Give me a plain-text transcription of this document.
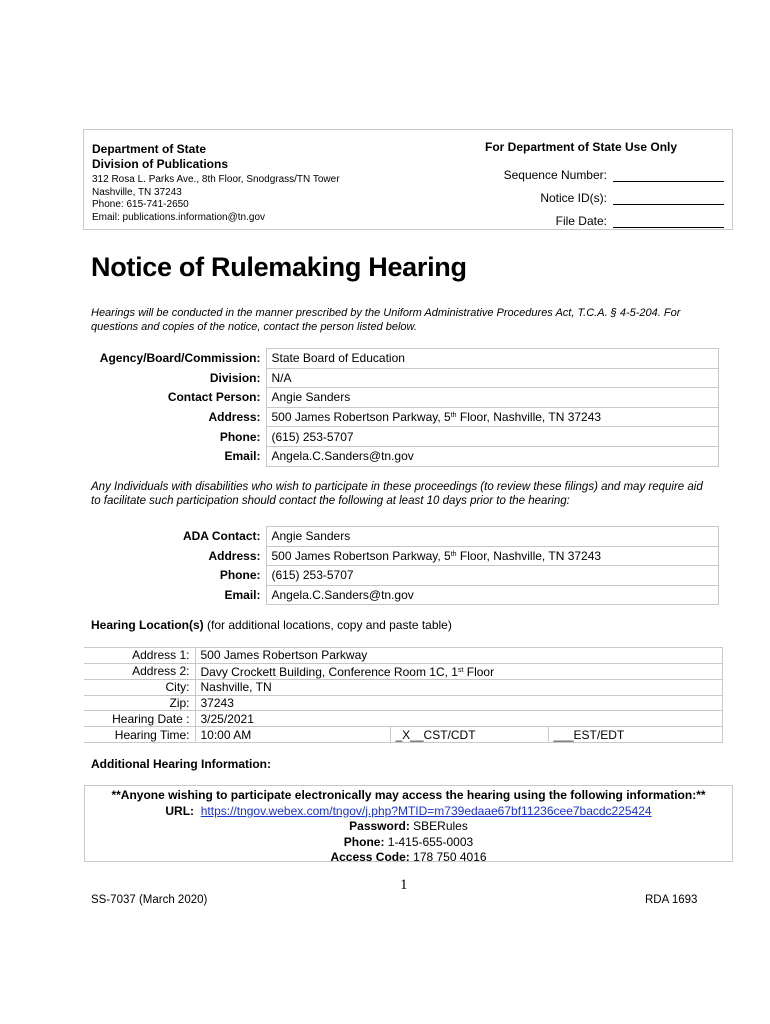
Department of State
Division of Publications
312 Rosa L. Parks Ave., 8th Floor, Snodgrass/TN Tower
Nashville, TN 37243
Phone: 615-741-2650
Email: publications.information@tn.gov
For Department of State Use Only
Sequence Number:
Notice ID(s):
File Date:
Notice of Rulemaking Hearing
Hearings will be conducted in the manner prescribed by the Uniform Administrative Procedures Act, T.C.A. § 4-5-204. For questions and copies of the notice, contact the person listed below.
Agency/Board/Commission:	State Board of Education
Division:	N/A
Contact Person:	Angie Sanders
Address:	500 James Robertson Parkway, 5th Floor, Nashville, TN 37243
Phone:	(615) 253-5707
Email:	Angela.C.Sanders@tn.gov
Any Individuals with disabilities who wish to participate in these proceedings (to review these filings) and may require aid to facilitate such participation should contact the following at least 10 days prior to the hearing:
ADA Contact:	Angie Sanders
Address:	500 James Robertson Parkway, 5th Floor, Nashville, TN 37243
Phone:	(615) 253-5707
Email:	Angela.C.Sanders@tn.gov
Hearing Location(s) (for additional locations, copy and paste table)
Address 1:	500 James Robertson Parkway		
Address 2:	Davy Crockett Building, Conference Room 1C, 1st Floor		
City:	Nashville, TN		
Zip:	37243		
Hearing Date :	3/25/2021		
Hearing Time:	10:00 AM	_X__CST/CDT	___EST/EDT
Additional Hearing Information:
**Anyone wishing to participate electronically may access the hearing using the following information:**
URL: https://tngov.webex.com/tngov/j.php?MTID=m739edaae67bf11236cee7bacdc225424
Password: SBERules
Phone: 1-415-655-0003
Access Code: 178 750 4016
1
SS-7037 (March 2020)	RDA 1693
